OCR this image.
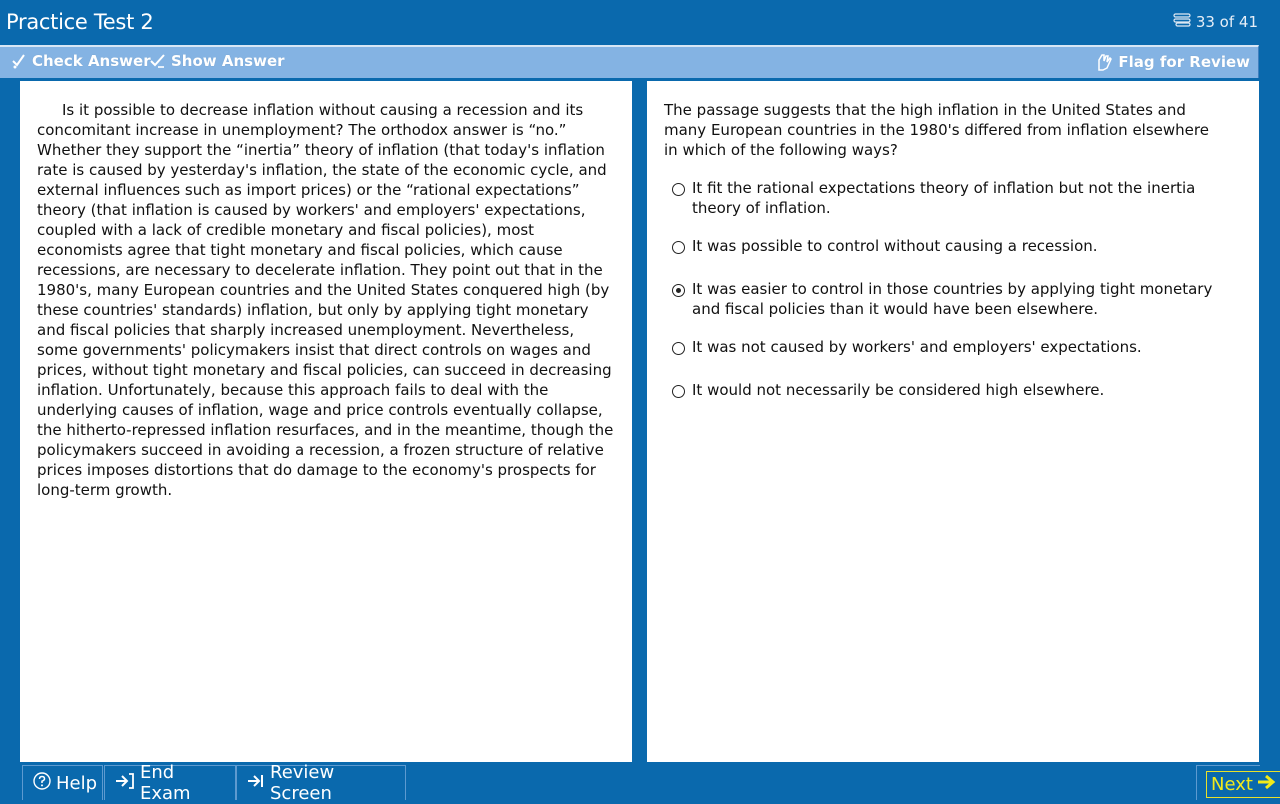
Practice Test 2	33 of 41
Check Answer Show Answer	Flag for Review
Is it possible to decrease inflation without causing a recession and its concomitant increase in unemployment? The orthodox answer is “no.” Whether they support the “inertia” theory of inflation (that today's inflation rate is caused by yesterday's inflation, the state of the economic cycle, and external influences such as import prices) or the “rational expectations” theory (that inflation is caused by workers' and employers' expectations, coupled with a lack of credible monetary and fiscal policies), most economists agree that tight monetary and fiscal policies, which cause recessions, are necessary to decelerate inflation. They point out that in the 1980's, many European countries and the United States conquered high (by these countries' standards) inflation, but only by applying tight monetary and fiscal policies that sharply increased unemployment. Nevertheless, some governments' policymakers insist that direct controls on wages and prices, without tight monetary and fiscal policies, can succeed in decreasing inflation. Unfortunately, because this approach fails to deal with the underlying causes of inflation, wage and price controls eventually collapse, the hitherto-repressed inflation resurfaces, and in the meantime, though the policymakers succeed in avoiding a recession, a frozen structure of relative prices imposes distortions that do damage to the economy's prospects for long-term growth.
The passage suggests that the high inflation in the United States and many European countries in the 1980's differed from inflation elsewhere in which of the following ways?
It fit the rational expectations theory of inflation but not the inertia theory of inflation.
It was possible to control without causing a recession.
It was easier to control in those countries by applying tight monetary and fiscal policies than it would have been elsewhere.
It was not caused by workers' and employers' expectations.
It would not necessarily be considered high elsewhere.
Help End Exam
Review Screen	Next
